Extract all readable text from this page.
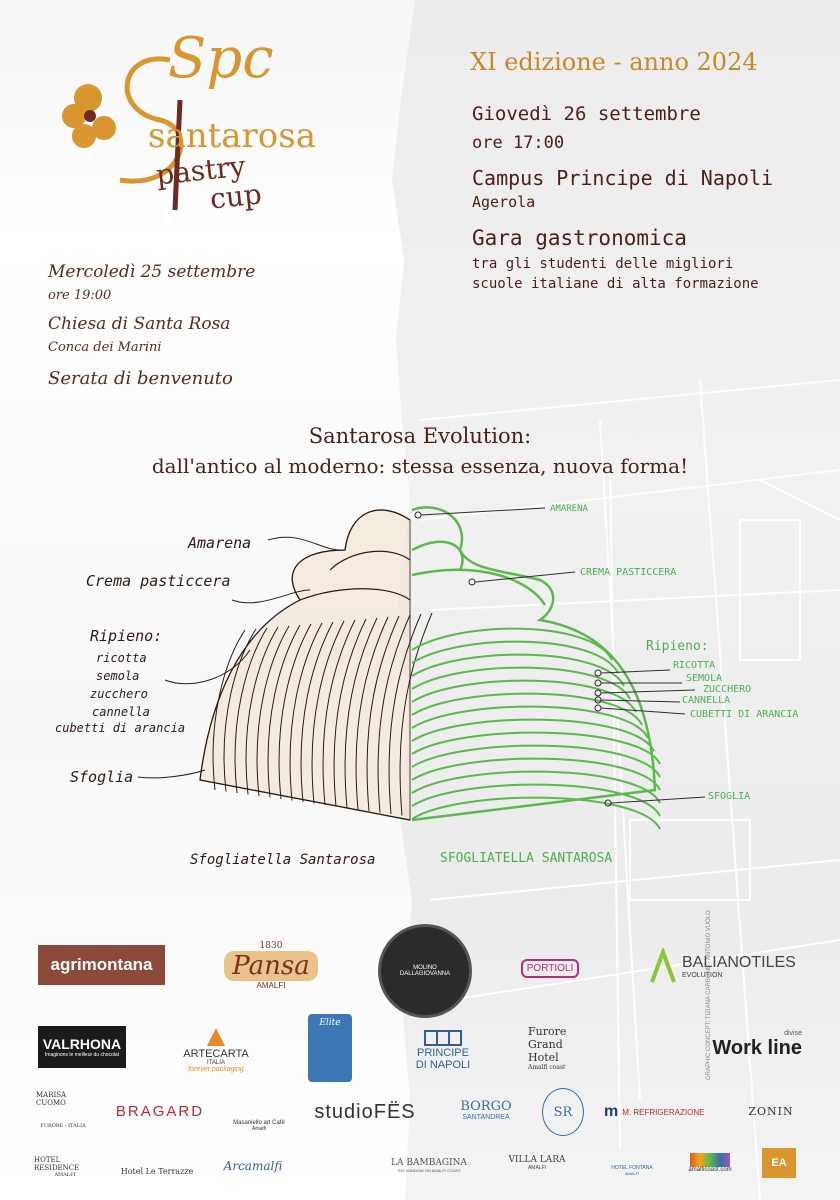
Spc
santarosa
pastry
cup
XI edizione - anno 2024
Giovedì 26 settembre
ore 17:00
Campus Principe di Napoli
Agerola
Gara gastronomica
tra gli studenti delle migliori
scuole italiane di alta formazione
Mercoledì 25 settembre
ore 19:00
Chiesa di Santa Rosa
Conca dei Marini
Serata di benvenuto
Santarosa Evolution:
dall'antico al moderno: stessa essenza, nuova forma!
Amarena
Crema pasticcera
Ripieno:
ricotta
semola
zucchero
cannella
cubetti di arancia
Sfoglia
Sfogliatella Santarosa
AMARENA
CREMA PASTICCERA
Ripieno:
RICOTTA
SEMOLA
ZUCCHERO
CANNELLA
CUBETTI DI ARANCIA
SFOGLIA
SFOGLIATELLA SANTAROSA
agrimontana
1830
Pansa
AMALFI
MOLINO DALLAGIOVANNA
PORTIOLI	BALIANOTILES
EVOLUTION
VALRHONA
Imaginons le meilleur du chocolat	ARTECARTA
ITALIA
forever packaging
Elite
PRINCIPE
DI NAPOLI
Furore
Grand
Hotel
Amalfi coast
divise
Work line
MARISA CUOMO
FURORE - ITALIA
BRAGARD
Masaniello art Cafè
Amalfi
studioFËS	BORGO
SANTANDREA	SR m M. REFRIGERAZIONE	ZONIN
HOTEL RESIDENCE
AMALFI	Hotel Le Terrazze	Arcamalfi	LA BAMBAGINA
THE WINDOW ON AMALFI COAST
VILLA LARA
AMALFI	HOTEL FONTANA
AMALFI	amalficoast.com
EA
GRAPHIC CONCEPT: TIZIANA CARBONE - ANTONIO VUOLO
